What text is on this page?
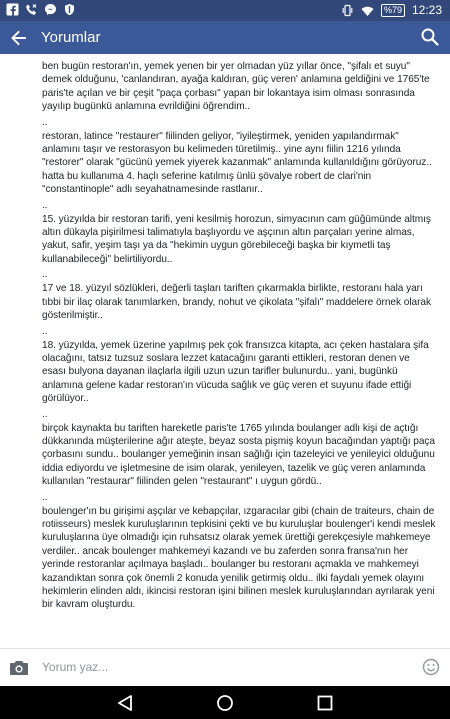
%79 12:23
Yorumlar
ben bugün restoran'ın, yemek yenen bir yer olmadan yüz yıllar önce, "şifalı et suyu" demek olduğunu, 'canlandıran, ayağa kaldıran, güç veren' anlamına geldiğini ve 1765'te paris'te açılan ve bir çeşit "paça çorbası" yapan bir lokantaya isim olması sonrasında yayılıp bugünkü anlamına evrildiğini öğrendim..
..
restoran, latince "restaurer" fiilinden geliyor, "iyileştirmek, yeniden yapılandırmak" anlamını taşır ve restorasyon bu kelimeden türetilmiş.. yine aynı fiilin 1216 yılında "restorer" olarak "gücünü yemek yiyerek kazanmak" anlamında kullanıldığını görüyoruz.. hatta bu kullanıma 4. haçlı seferine katılmış ünlü şövalye robert de clari'nin "constantinople" adlı seyahatnamesinde rastlanır..
..
15. yüzyılda bir restoran tarifi, yeni kesilmiş horozun, simyacının cam güğümünde altmış altın dükayla pişirilmesi talimatıyla başlıyordu ve aşçının altın parçaları yerine almas, yakut, safir, yeşim taşı ya da "hekimin uygun görebileceği başka bir kıymetli taş kullanabileceği" belirtiliyordu..
..
17 ve 18. yüzyıl sözlükleri, değerli taşları tariften çıkarmakla birlikte, restoranı hala yarı tıbbi bir ilaç olarak tanımlarken, brandy, nohut ve çikolata "şifalı" maddelere örnek olarak gösterilmiştir..
..
18. yüzyılda, yemek üzerine yapılmış pek çok fransızca kitapta, acı çeken hastalara şifa olacağını, tatsız tuzsuz soslara lezzet katacağını garanti ettikleri, restoran denen ve esası bulyona dayanan ilaçlarla ilgili uzun uzun tarifler bulunurdu.. yani, bugünkü anlamına gelene kadar restoran'ın vücuda sağlık ve güç veren et suyunu ifade ettiği görülüyor..
..
birçok kaynakta bu tariften hareketle paris'te 1765 yılında boulanger adlı kişi de açtığı dükkanında müşterilerine ağır ateşte, beyaz sosta pişmiş koyun bacağından yaptığı paça çorbasını sundu.. boulanger yemeğinin insan sağlığı için tazeleyici ve yenileyici olduğunu iddia ediyordu ve işletmesine de isim olarak, yenileyen, tazelik ve güç veren anlamında kullanılan "restaurar" fiilinden gelen "restaurant" ı uygun gördü..
..
boulenger'ın bu girişimi aşçılar ve kebapçılar, ızgaracılar gibi (chain de traiteurs, chain de rotiisseurs) meslek kuruluşlarının tepkisini çekti ve bu kuruluşlar boulenger'i kendi meslek kuruluşlarına üye olmadığı için ruhsatsız olarak yemek ürettiği gerekçesiyle mahkemeye verdiler.. ancak boulenger mahkemeyi kazandı ve bu zaferden sonra fransa'nın her yerinde restoranlar açılmaya başladı.. boulanger bu restoranı açmakla ve mahkemeyi kazandıktan sonra çok önemli 2 konuda yenilik getirmiş oldu.. ilki faydalı yemek olayını hekimlerin elinden aldı, ikincisi restoran işini bilinen meslek kuruluşlarından ayrılarak yeni bir kavram oluşturdu.
Yorum yaz...
